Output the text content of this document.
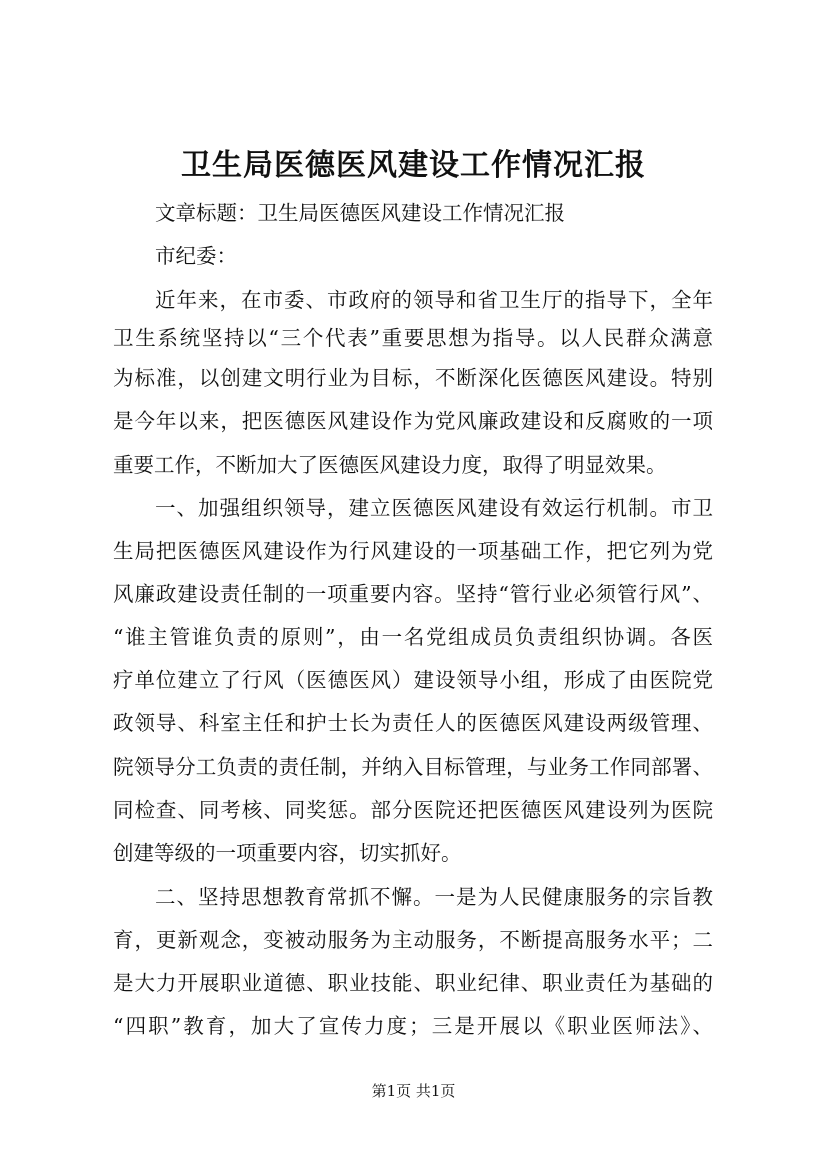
卫生局医德医风建设工作情况汇报
文章标题：卫生局医德医风建设工作情况汇报
市纪委：
近年来，在市委、市政府的领导和省卫生厅的指导下，全年
卫生系统坚持以“三个代表”重要思想为指导。以人民群众满意
为标准，以创建文明行业为目标，不断深化医德医风建设。特别
是今年以来，把医德医风建设作为党风廉政建设和反腐败的一项
重要工作，不断加大了医德医风建设力度，取得了明显效果。
一、加强组织领导，建立医德医风建设有效运行机制。市卫
生局把医德医风建设作为行风建设的一项基础工作，把它列为党
风廉政建设责任制的一项重要内容。坚持“管行业必须管行风”、
“谁主管谁负责的原则”，由一名党组成员负责组织协调。各医
疗单位建立了行风（医德医风）建设领导小组，形成了由医院党
政领导、科室主任和护士长为责任人的医德医风建设两级管理、
院领导分工负责的责任制，并纳入目标管理，与业务工作同部署、
同检查、同考核、同奖惩。部分医院还把医德医风建设列为医院
创建等级的一项重要内容，切实抓好。
二、坚持思想教育常抓不懈。一是为人民健康服务的宗旨教
育，更新观念，变被动服务为主动服务，不断提高服务水平；二
是大力开展职业道德、职业技能、职业纪律、职业责任为基础的
“四职”教育，加大了宣传力度；三是开展以《职业医师法》、
第1页 共1页
